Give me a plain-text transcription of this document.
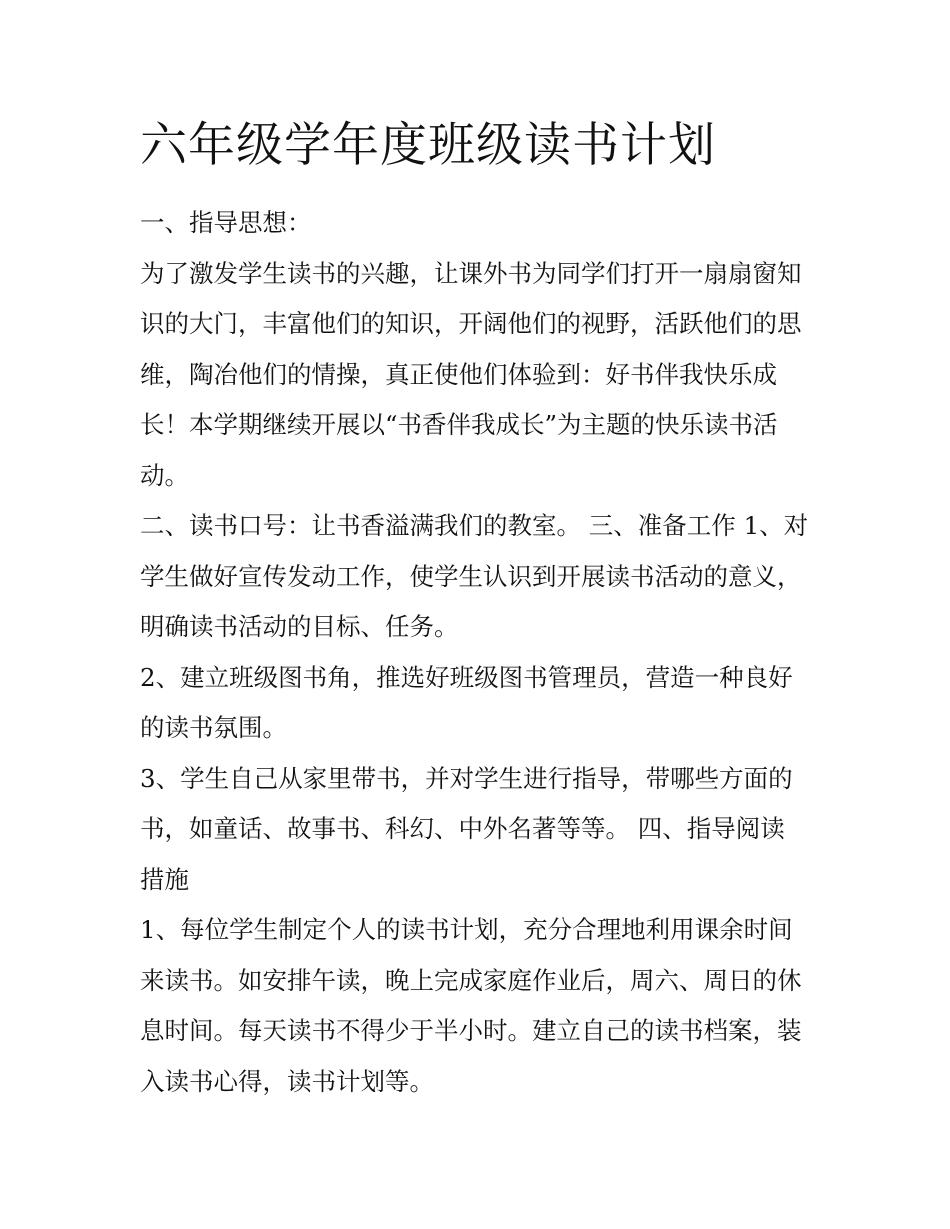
六年级学年度班级读书计划

一、指导思想：

为了激发学生读书的兴趣，让课外书为同学们打开一扇扇窗知

识的大门，丰富他们的知识，开阔他们的视野，活跃他们的思

维，陶冶他们的情操，真正使他们体验到：好书伴我快乐成

长！本学期继续开展以“书香伴我成长”为主题的快乐读书活

动。

二、读书口号：让书香溢满我们的教室。 三、准备工作 1、对

学生做好宣传发动工作，使学生认识到开展读书活动的意义，

明确读书活动的目标、任务。

2、建立班级图书角，推选好班级图书管理员，营造一种良好

的读书氛围。

3、学生自己从家里带书，并对学生进行指导，带哪些方面的

书，如童话、故事书、科幻、中外名著等等。 四、指导阅读

措施

1、每位学生制定个人的读书计划，充分合理地利用课余时间

来读书。如安排午读，晚上完成家庭作业后，周六、周日的休

息时间。每天读书不得少于半小时。建立自己的读书档案，装

入读书心得，读书计划等。
